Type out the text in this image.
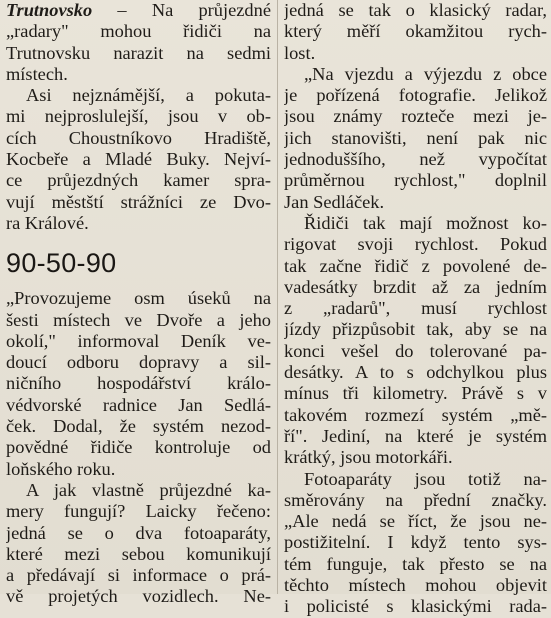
Trutnovsko – Na průjezdné
„radary" mohou řidiči na
Trutnovsku narazit na sedmi
místech.
Asi nejznámější, a pokuta-
mi nejproslulejší, jsou v ob-
cích Choustníkovo Hradiště,
Kocbeře a Mladé Buky. Nejví-
ce průjezdných kamer spra-
vují městští strážníci ze Dvo-
ra Králové.
90-50-90
„Provozujeme osm úseků na
šesti místech ve Dvoře a jeho
okolí," informoval Deník ve-
doucí odboru dopravy a sil-
ničního hospodářství králo-
védvorské radnice Jan Sedlá-
ček. Dodal, že systém nezod-
povědné řidiče kontroluje od
loňského roku.
A jak vlastně průjezdné ka-
mery fungují? Laicky řečeno:
jedná se o dva fotoaparáty,
které mezi sebou komunikují
a předávají si informace o prá-
vě projetých vozidlech. Ne-
jedná se tak o klasický radar,
který měří okamžitou rych-
lost.
„Na vjezdu a výjezdu z obce
je pořízená fotografie. Jelikož
jsou známy rozteče mezi je-
jich stanovišti, není pak nic
jednoduššího, než vypočítat
průměrnou rychlost," doplnil
Jan Sedláček.
Řidiči tak mají možnost ko-
rigovat svoji rychlost. Pokud
tak začne řidič z povolené de-
vadesátky brzdit až za jedním
z „radarů", musí rychlost
jízdy přizpůsobit tak, aby se na
konci vešel do tolerované pa-
desátky. A to s odchylkou plus
mínus tři kilometry. Právě s v
takovém rozmezí systém „mě-
ří". Jediní, na které je systém
krátký, jsou motorkáři.
Fotoaparáty jsou totiž na-
směrovány na přední značky.
„Ale nedá se říct, že jsou ne-
postižitelní. I když tento sys-
tém funguje, tak přesto se na
těchto místech mohou objevit
i policisté s klasickými rada-
